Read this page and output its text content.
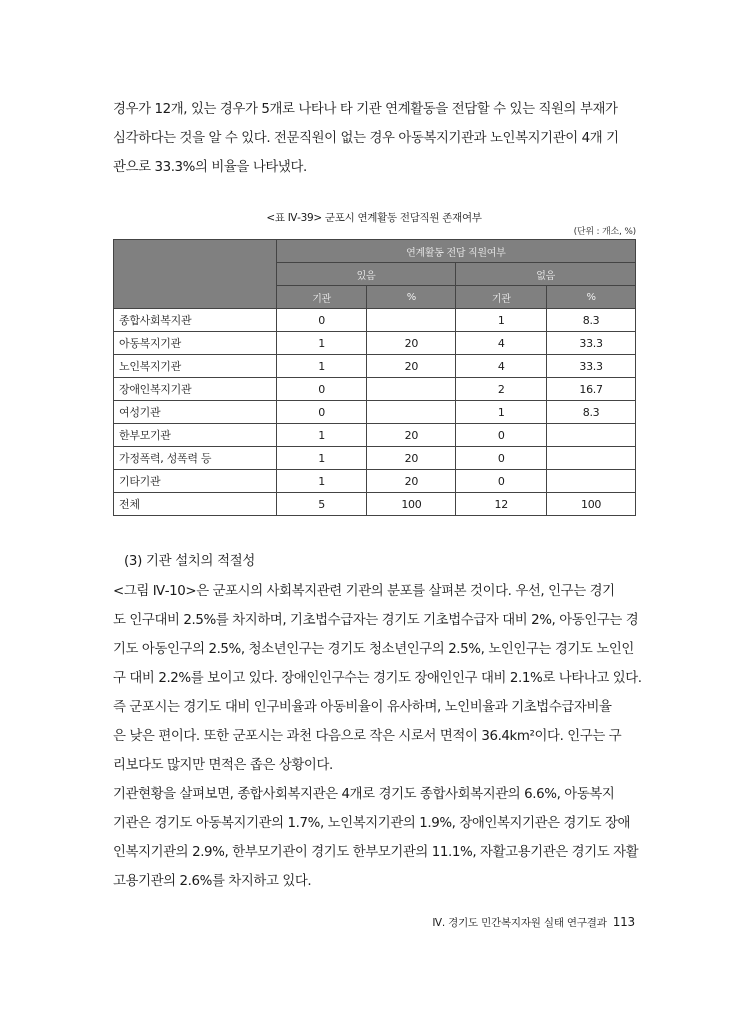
경우가 12개, 있는 경우가 5개로 나타나 타 기관 연계활동을 전담할 수 있는 직원의 부재가
심각하다는 것을 알 수 있다. 전문직원이 없는 경우 아동복지기관과 노인복지기관이 4개 기
관으로 33.3%의 비율을 나타냈다.
<표 Ⅳ-39> 군포시 연계활동 전담직원 존재여부
(단위 : 개소, %)
	연계활동 전담 직원여부			
	있음		없음	
	기관	%	기관	%
종합사회복지관	0		1	8.3
아동복지기관	1	20	4	33.3
노인복지기관	1	20	4	33.3
장애인복지기관	0		2	16.7
여성기관	0		1	8.3
한부모기관	1	20	0	
가정폭력, 성폭력 등	1	20	0	
기타기관	1	20	0	
전체	5	100	12	100
(3) 기관 설치의 적절성
<그림 Ⅳ-10>은 군포시의 사회복지관련 기관의 분포를 살펴본 것이다. 우선, 인구는 경기
도 인구대비 2.5%를 차지하며, 기초법수급자는 경기도 기초법수급자 대비 2%, 아동인구는 경
기도 아동인구의 2.5%, 청소년인구는 경기도 청소년인구의 2.5%, 노인인구는 경기도 노인인
구 대비 2.2%를 보이고 있다. 장애인인구수는 경기도 장애인인구 대비 2.1%로 나타나고 있다.
즉 군포시는 경기도 대비 인구비율과 아동비율이 유사하며, 노인비율과 기초법수급자비율
은 낮은 편이다. 또한 군포시는 과천 다음으로 작은 시로서 면적이 36.4km²이다. 인구는 구
리보다도 많지만 면적은 좁은 상황이다.
기관현황을 살펴보면, 종합사회복지관은 4개로 경기도 종합사회복지관의 6.6%, 아동복지
기관은 경기도 아동복지기관의 1.7%, 노인복지기관의 1.9%, 장애인복지기관은 경기도 장애
인복지기관의 2.9%, 한부모기관이 경기도 한부모기관의 11.1%, 자활고용기관은 경기도 자활
고용기관의 2.6%를 차지하고 있다.
Ⅳ. 경기도 민간복지자원 실태 연구결과 113
